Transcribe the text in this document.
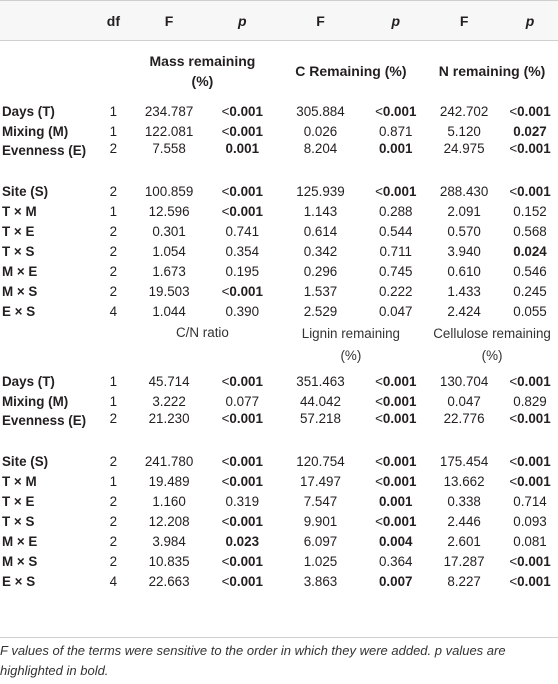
	df	F	p	F	p	F	p
		Mass remaining (%)		C Remaining (%)		N remaining (%)	
Days (T)	1	234.787	<0.001	305.884	<0.001	242.702	<0.001
Mixing (M)	1	122.081	<0.001	0.026	0.871	5.120	0.027
Evenness (E)	2	7.558	0.001	8.204	0.001	24.975	<0.001
Site (S)	2	100.859	<0.001	125.939	<0.001	288.430	<0.001
T × M	1	12.596	<0.001	1.143	0.288	2.091	0.152
T × E	2	0.301	0.741	0.614	0.544	0.570	0.568
T × S	2	1.054	0.354	0.342	0.711	3.940	0.024
M × E	2	1.673	0.195	0.296	0.745	0.610	0.546
M × S	2	19.503	<0.001	1.537	0.222	1.433	0.245
E × S	4	1.044	0.390	2.529	0.047	2.424	0.055
		C/N ratio		Lignin remaining (%)		Cellulose remaining (%)	
Days (T)	1	45.714	<0.001	351.463	<0.001	130.704	<0.001
Mixing (M)	1	3.222	0.077	44.042	<0.001	0.047	0.829
Evenness (E)	2	21.230	<0.001	57.218	<0.001	22.776	<0.001
Site (S)	2	241.780	<0.001	120.754	<0.001	175.454	<0.001
T × M	1	19.489	<0.001	17.497	<0.001	13.662	<0.001
T × E	2	1.160	0.319	7.547	0.001	0.338	0.714
T × S	2	12.208	<0.001	9.901	<0.001	2.446	0.093
M × E	2	3.984	0.023	6.097	0.004	2.601	0.081
M × S	2	10.835	<0.001	1.025	0.364	17.287	<0.001
E × S	4	22.663	<0.001	3.863	0.007	8.227	<0.001
F values of the terms were sensitive to the order in which they were added. p values are highlighted in bold.
